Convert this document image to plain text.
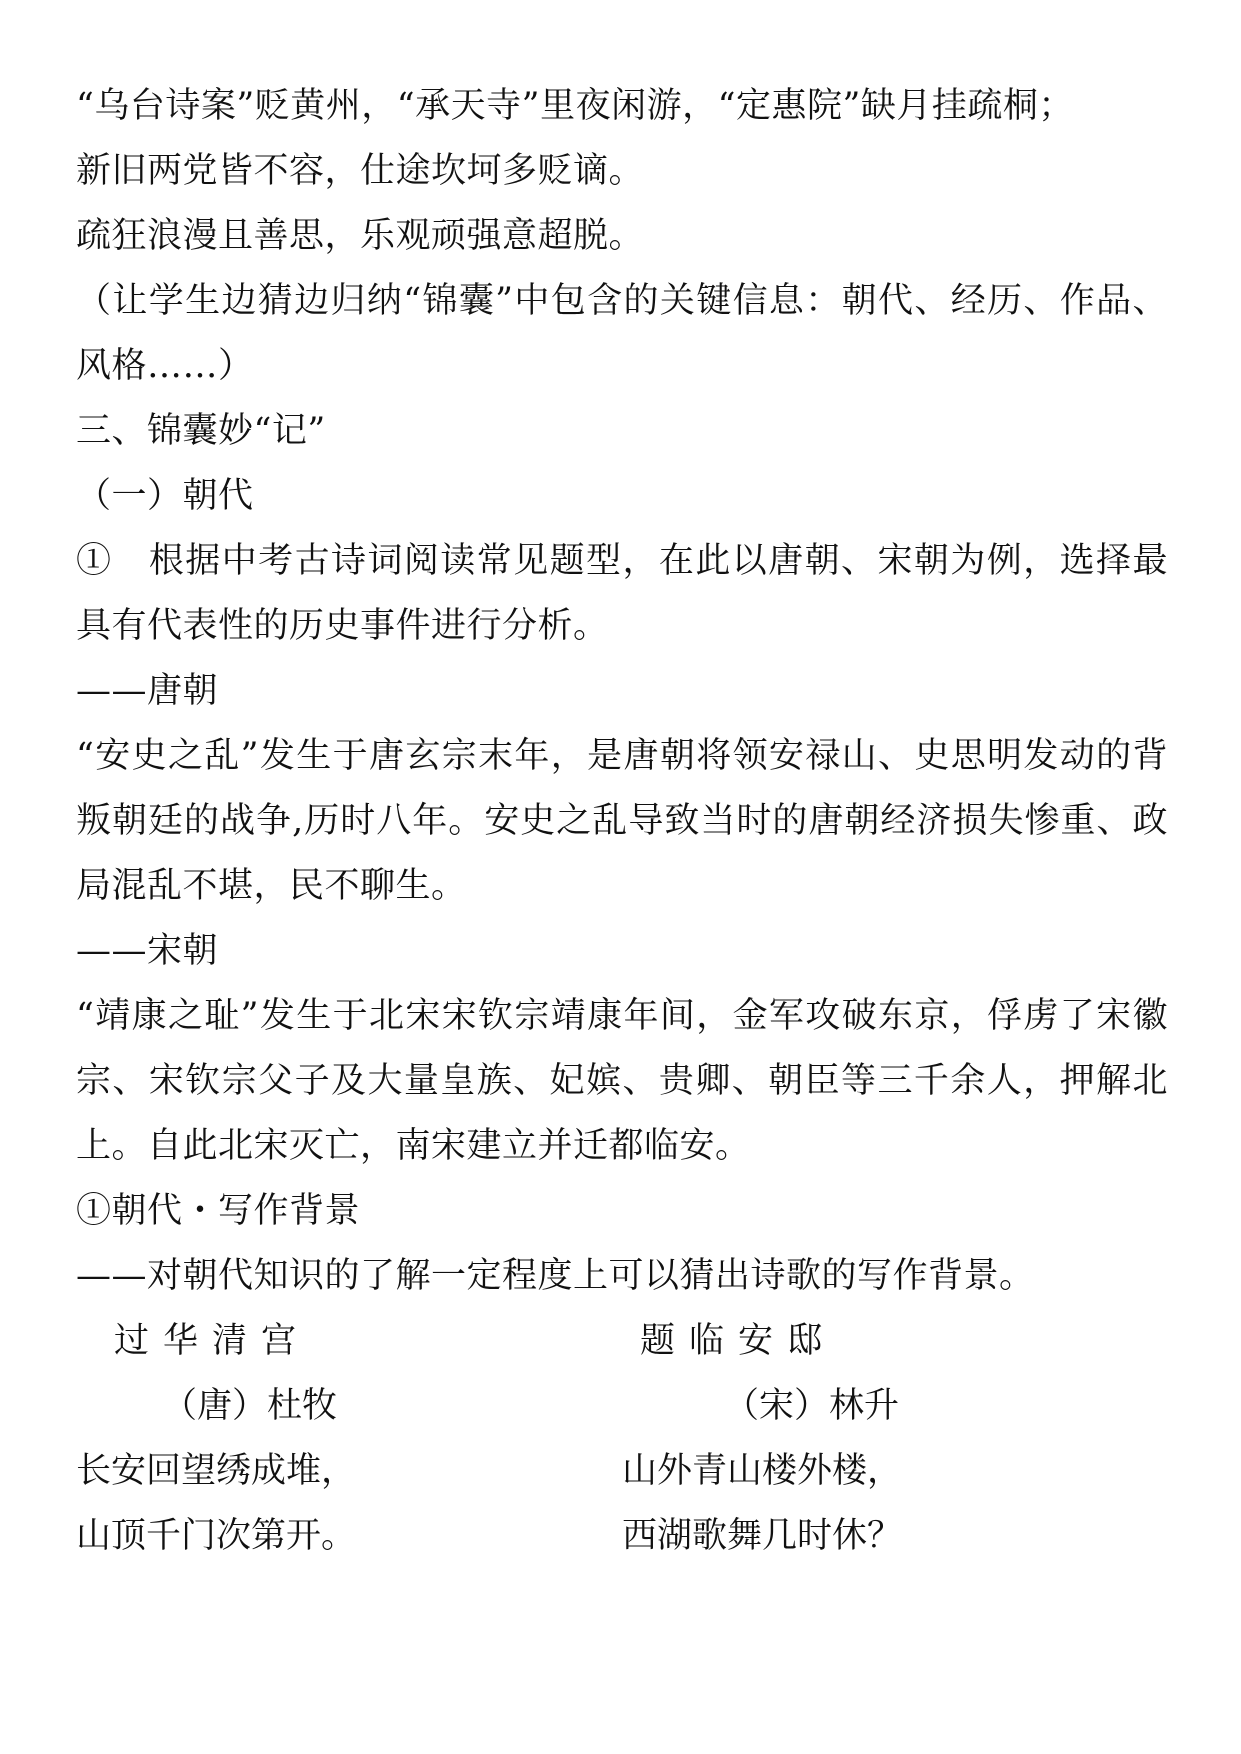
“乌台诗案”贬黄州，“承天寺”里夜闲游，“定惠院”缺月挂疏桐；
新旧两党皆不容，仕途坎坷多贬谪。
疏狂浪漫且善思，乐观顽强意超脱。
（让学生边猜边归纳“锦囊”中包含的关键信息：朝代、经历、作品、风格……）
三、锦囊妙“记”
（一）朝代
①　根据中考古诗词阅读常见题型，在此以唐朝、宋朝为例，选择最具有代表性的历史事件进行分析。
——唐朝
“安史之乱”发生于唐玄宗末年，是唐朝将领安禄山、史思明发动的背叛朝廷的战争,历时八年。安史之乱导致当时的唐朝经济损失惨重、政局混乱不堪，民不聊生。
——宋朝
“靖康之耻”发生于北宋宋钦宗靖康年间，金军攻破东京，俘虏了宋徽宗、宋钦宗父子及大量皇族、妃嫔、贵卿、朝臣等三千余人，押解北上。自此北宋灭亡，南宋建立并迁都临安。
①朝代・写作背景
——对朝代知识的了解一定程度上可以猜出诗歌的写作背景。
过华清宫
（唐）杜牧
长安回望绣成堆，
山顶千门次第开。
题临安邸
（宋）林升
山外青山楼外楼，
西湖歌舞几时休？
